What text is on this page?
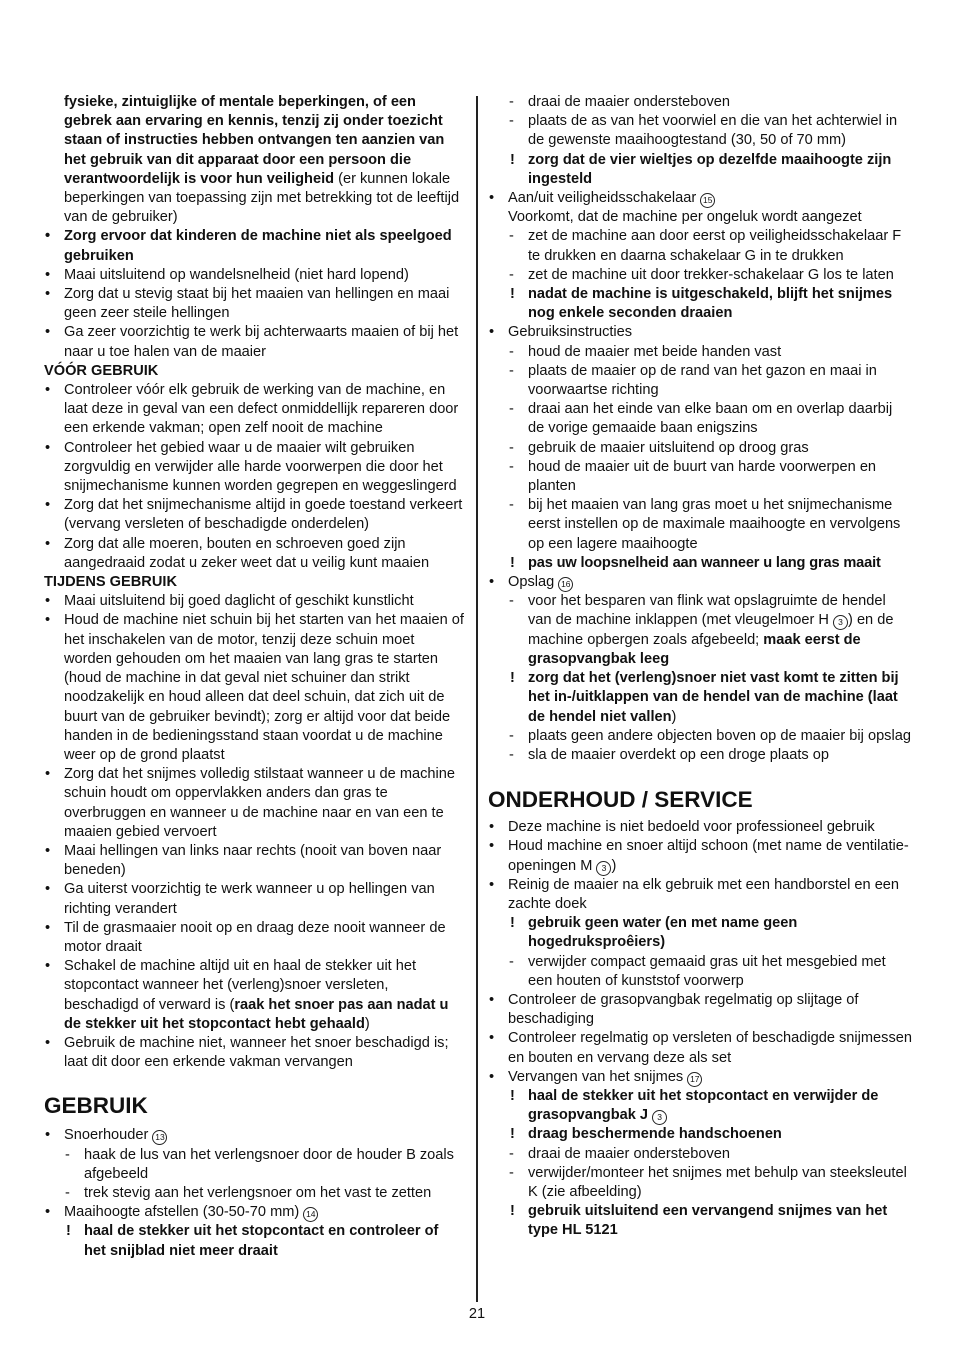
fysieke, zintuiglijke of mentale beperkingen, of een gebrek aan ervaring en kennis, tenzij zij onder toezicht staan of instructies hebben ontvangen ten aanzien van het gebruik van dit apparaat door een persoon die verantwoordelijk is voor hun veiligheid (er kunnen lokale beperkingen van toepassing zijn met betrekking tot de leeftijd van de gebruiker)

• Zorg ervoor dat kinderen de machine niet als speelgoed gebruiken

• Maai uitsluitend op wandelsnelheid (niet hard lopend)

• Zorg dat u stevig staat bij het maaien van hellingen en maai geen zeer steile hellingen

• Ga zeer voorzichtig te werk bij achterwaarts maaien of bij het naar u toe halen van de maaier

VÓÓR GEBRUIK

• Controleer vóór elk gebruik de werking van de machine, en laat deze in geval van een defect onmiddellijk repareren door een erkende vakman; open zelf nooit de machine

• Controleer het gebied waar u de maaier wilt gebruiken zorgvuldig en verwijder alle harde voorwerpen die door het snijmechanisme kunnen worden gegrepen en weggeslingerd

• Zorg dat het snijmechanisme altijd in goede toestand verkeert (vervang versleten of beschadigde onderdelen)

• Zorg dat alle moeren, bouten en schroeven goed zijn aangedraaid zodat u zeker weet dat u veilig kunt maaien

TIJDENS GEBRUIK

• Maai uitsluitend bij goed daglicht of geschikt kunstlicht

• Houd de machine niet schuin bij het starten van het maaien of het inschakelen van de motor, tenzij deze schuin moet worden gehouden om het maaien van lang gras te starten (houd de machine in dat geval niet schuiner dan strikt noodzakelijk en houd alleen dat deel schuin, dat zich uit de buurt van de gebruiker bevindt); zorg er altijd voor dat beide handen in de bedieningsstand staan voordat u de machine weer op de grond plaatst

• Zorg dat het snijmes volledig stilstaat wanneer u de machine schuin houdt om oppervlakken anders dan gras te overbruggen en wanneer u de machine naar en van een te maaien gebied vervoert

• Maai hellingen van links naar rechts (nooit van boven naar beneden)

• Ga uiterst voorzichtig te werk wanneer u op hellingen van richting verandert

• Til de grasmaaier nooit op en draag deze nooit wanneer de motor draait

• Schakel de machine altijd uit en haal de stekker uit het stopcontact wanneer het (verleng)snoer versleten, beschadigd of verward is (raak het snoer pas aan nadat u de stekker uit het stopcontact hebt gehaald)

• Gebruik de machine niet, wanneer het snoer beschadigd is; laat dit door een erkende vakman vervangen

GEBRUIK

• Snoerhouder 13

- haak de lus van het verlengsnoer door de houder B zoals afgebeeld

- trek stevig aan het verlengsnoer om het vast te zetten

• Maaihoogte afstellen (30-50-70 mm) 14

! haal de stekker uit het stopcontact en controleer of het snijblad niet meer draait

- draai de maaier ondersteboven

- plaats de as van het voorwiel en die van het achterwiel in de gewenste maaihoogtestand (30, 50 of 70 mm)

! zorg dat de vier wieltjes op dezelfde maaihoogte zijn ingesteld

• Aan/uit veiligheidsschakelaar 15

Voorkomt, dat de machine per ongeluk wordt aangezet

- zet de machine aan door eerst op veiligheidsschakelaar F te drukken en daarna schakelaar G in te drukken

- zet de machine uit door trekker-schakelaar G los te laten

! nadat de machine is uitgeschakeld, blijft het snijmes nog enkele seconden draaien

• Gebruiksinstructies

- houd de maaier met beide handen vast

- plaats de maaier op de rand van het gazon en maai in voorwaartse richting

- draai aan het einde van elke baan om en overlap daarbij de vorige gemaaide baan enigszins

- gebruik de maaier uitsluitend op droog gras

- houd de maaier uit de buurt van harde voorwerpen en planten

- bij het maaien van lang gras moet u het snijmechanisme eerst instellen op de maximale maaihoogte en vervolgens op een lagere maaihoogte

! pas uw loopsnelheid aan wanneer u lang gras maait

• Opslag 16

- voor het besparen van flink wat opslagruimte de hendel van de machine inklappen (met vleugelmoer H 3 ) en de machine opbergen zoals afgebeeld; maak eerst de grasopvangbak leeg

! zorg dat het (verleng)snoer niet vast komt te zitten bij het in-/uitklappen van de hendel van de machine (laat de hendel niet vallen)

- plaats geen andere objecten boven op de maaier bij opslag

- sla de maaier overdekt op een droge plaats op

ONDERHOUD / SERVICE

• Deze machine is niet bedoeld voor professioneel gebruik

• Houd machine en snoer altijd schoon (met name de ventilatie-openingen M 3 )

• Reinig de maaier na elk gebruik met een handborstel en een zachte doek

! gebruik geen water (en met name geen hogedruksproêiers)

- verwijder compact gemaaid gras uit het mesgebied met een houten of kunststof voorwerp

• Controleer de grasopvangbak regelmatig op slijtage of beschadiging

• Controleer regelmatig op versleten of beschadigde snijmessen en bouten en vervang deze als set

• Vervangen van het snijmes 17

! haal de stekker uit het stopcontact en verwijder de grasopvangbak J 3

! draag beschermende handschoenen

- draai de maaier ondersteboven

- verwijder/monteer het snijmes met behulp van steeksleutel K (zie afbeelding)

! gebruik uitsluitend een vervangend snijmes van het type HL 5121

21
